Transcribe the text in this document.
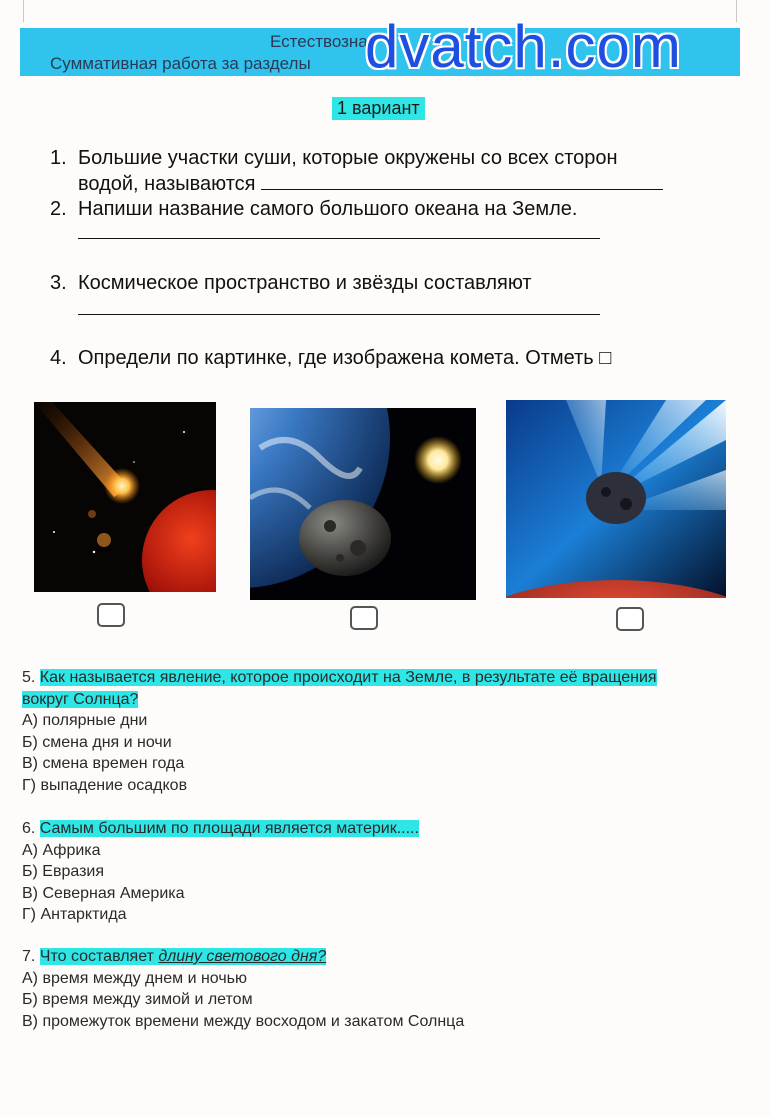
Естествозна
Суммативная работа за разделы dvatch.com
1 вариант
1. Большие участки суши, которые окружены со всех сторон
водой, называются
2. Напиши название самого большого океана на Земле.
3. Космическое пространство и звёзды составляют
4. Определи по картинке, где изображена комета. Отметь □
5. Как называется явление, которое происходит на Земле, в результате её вращения вокруг Солнца?
А) полярные дни
Б) смена дня и ночи
В) смена времен года
Г) выпадение осадков
6. Самым большим по площади является материк.....
А) Африка
Б) Евразия
В) Северная Америка
Г) Антарктида
7. Что составляет длину светового дня?
А) время между днем и ночью
Б) время между зимой и летом
В) промежуток времени между восходом и закатом Солнца
